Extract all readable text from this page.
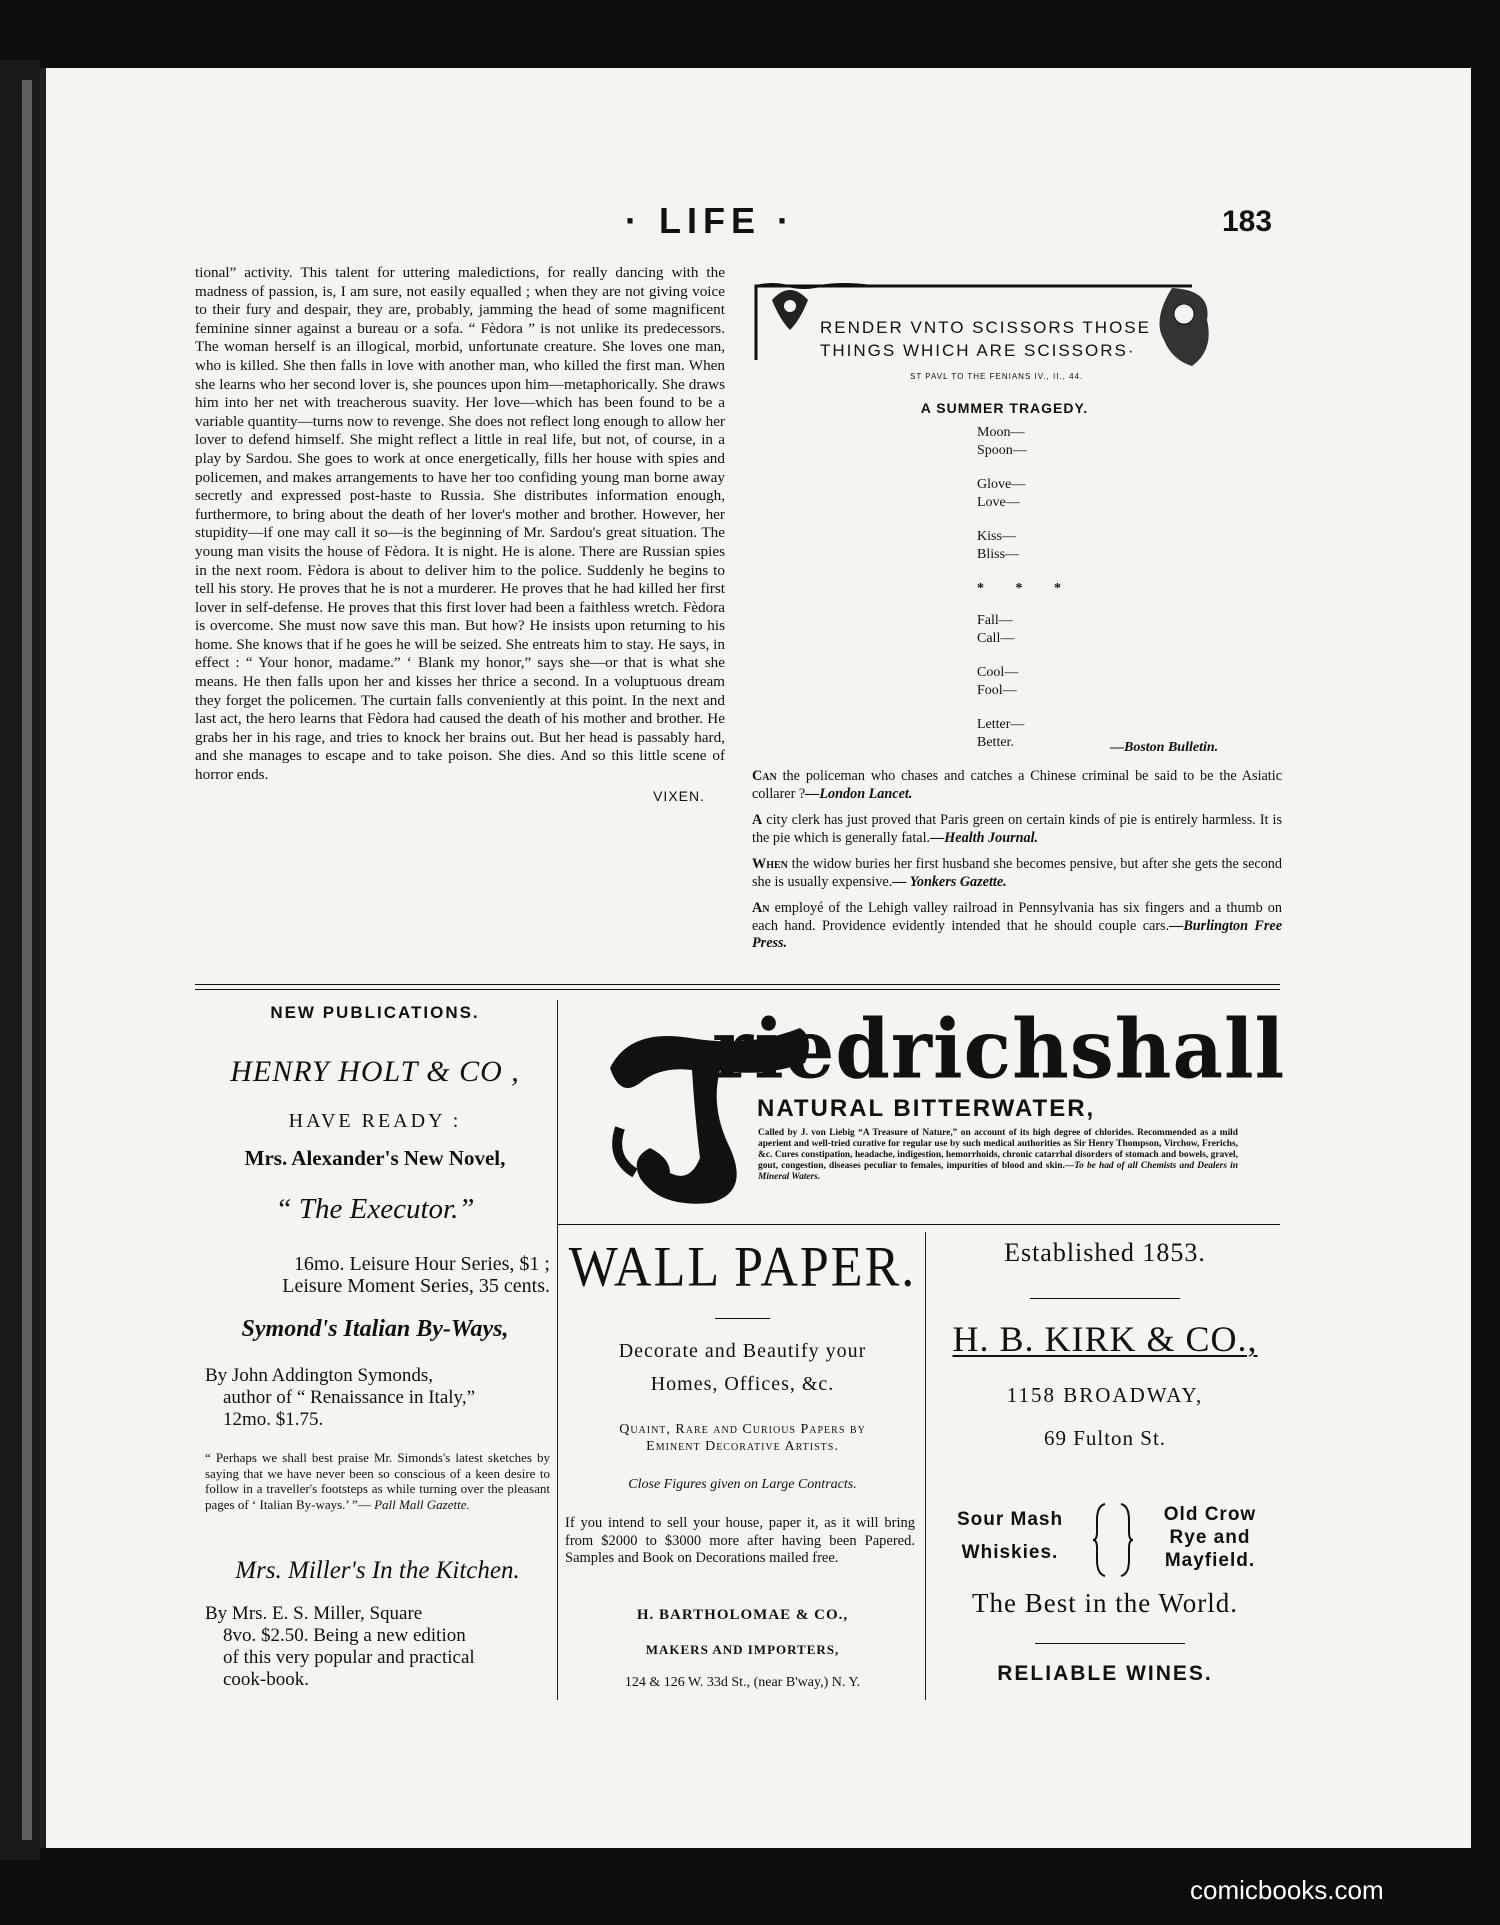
· LIFE ·	183

tional” activity. This talent for uttering maledictions, for really dancing with the madness of passion, is, I am sure, not easily equalled ; when they are not giving voice to their fury and despair, they are, probably, jamming the head of some magnificent feminine sinner against a bureau or a sofa. “ Fèdora ” is not unlike its predecessors. The woman herself is an illogical, morbid, unfortunate creature. She loves one man, who is killed. She then falls in love with another man, who killed the first man. When she learns who her second lover is, she pounces upon him—metaphorically. She draws him into her net with treacherous suavity. Her love—which has been found to be a variable quantity—turns now to revenge. She does not reflect long enough to allow her lover to defend himself. She might reflect a little in real life, but not, of course, in a play by Sardou. She goes to work at once energetically, fills her house with spies and policemen, and makes arrangements to have her too confiding young man borne away secretly and expressed post-haste to Russia. She distributes information enough, furthermore, to bring about the death of her lover's mother and brother. However, her stupidity—if one may call it so—is the beginning of Mr. Sardou's great situation. The young man visits the house of Fèdora. It is night. He is alone. There are Russian spies in the next room. Fèdora is about to deliver him to the police. Suddenly he begins to tell his story. He proves that he is not a murderer. He proves that he had killed her first lover in self-defense. He proves that this first lover had been a faithless wretch. Fèdora is overcome. She must now save this man. But how? He insists upon returning to his home. She knows that if he goes he will be seized. She entreats him to stay. He says, in effect : “ Your honor, madame.” ‘ Blank my honor,” says she—or that is what she means. He then falls upon her and kisses her thrice a second. In a voluptuous dream they forget the policemen. The curtain falls conveniently at this point. In the next and last act, the hero learns that Fèdora had caused the death of his mother and brother. He grabs her in his rage, and tries to knock her brains out. But her head is passably hard, and she manages to escape and to take poison. She dies. And so this little scene of horror ends.

VIXEN.

RENDER VNTO SCISSORS THOSE
THINGS WHICH ARE SCISSORS·
ST PAVL TO THE FENIANS IV., II., 44.
A SUMMER TRAGEDY.
Moon—
Spoon—
Glove—
Love—
Kiss—
Bliss—
* * *
Fall—
Call—
Cool—
Fool—
Letter—
Better.	—Boston Bulletin.

Can the policeman who chases and catches a Chinese criminal be said to be the Asiatic collarer ?—London Lancet.

A city clerk has just proved that Paris green on certain kinds of pie is entirely harmless. It is the pie which is generally fatal.—Health Journal.

When the widow buries her first husband she becomes pensive, but after she gets the second she is usually expensive.— Yonkers Gazette.

An employé of the Lehigh valley railroad in Pennsylvania has six fingers and a thumb on each hand. Providence evidently intended that he should couple cars.—Burlington Free Press.

NEW PUBLICATIONS.
HENRY HOLT & CO ,
HAVE READY :
Mrs. Alexander's New Novel,
“ The Executor.”
16mo. Leisure Hour Series, $1 ;
Leisure Moment Series, 35 cents.
Symond's Italian By-Ways,
By John Addington Symonds,
author of “ Renaissance in Italy,”
12mo. $1.75.
“ Perhaps we shall best praise Mr. Simonds's latest sketches by saying that we have never been so conscious of a keen desire to follow in a traveller's footsteps as while turning over the pleasant pages of ‘ Italian By-ways.’ ”— Pall Mall Gazette.
Mrs. Miller's In the Kitchen.
By Mrs. E. S. Miller, Square
8vo. $2.50. Being a new edition
of this very popular and practical
cook-book.
riedrichshall
NATURAL BITTERWATER,
Called by J. von Liebig “A Treasure of Nature,” on account of its high degree of chlorides. Recommended as a mild aperient and well-tried curative for regular use by such medical authorities as Sir Henry Thompson, Virchow, Frerichs, &c. Cures constipation, headache, indigestion, hemorrhoids, chronic catarrhal disorders of stomach and bowels, gravel, gout, congestion, diseases peculiar to females, impurities of blood and skin.—To be had of all Chemists and Dealers in Mineral Waters.
WALL PAPER.
Decorate and Beautify your
Homes, Offices, &c.
Quaint, Rare and Curious Papers by
Eminent Decorative Artists.
Close Figures given on Large Contracts.
If you intend to sell your house, paper it, as it will bring from $2000 to $3000 more after having been Papered. Samples and Book on Decorations mailed free.
H. BARTHOLOMAE & CO.,
MAKERS AND IMPORTERS,
124 & 126 W. 33d St., (near B'way,) N. Y.
Established 1853.
H. B. KIRK & CO.,
1158 BROADWAY,
69 Fulton St.
Sour Mash
Whiskies.
Old Crow
Rye and
Mayfield.
The Best in the World.
RELIABLE WINES.
comicbooks.com
